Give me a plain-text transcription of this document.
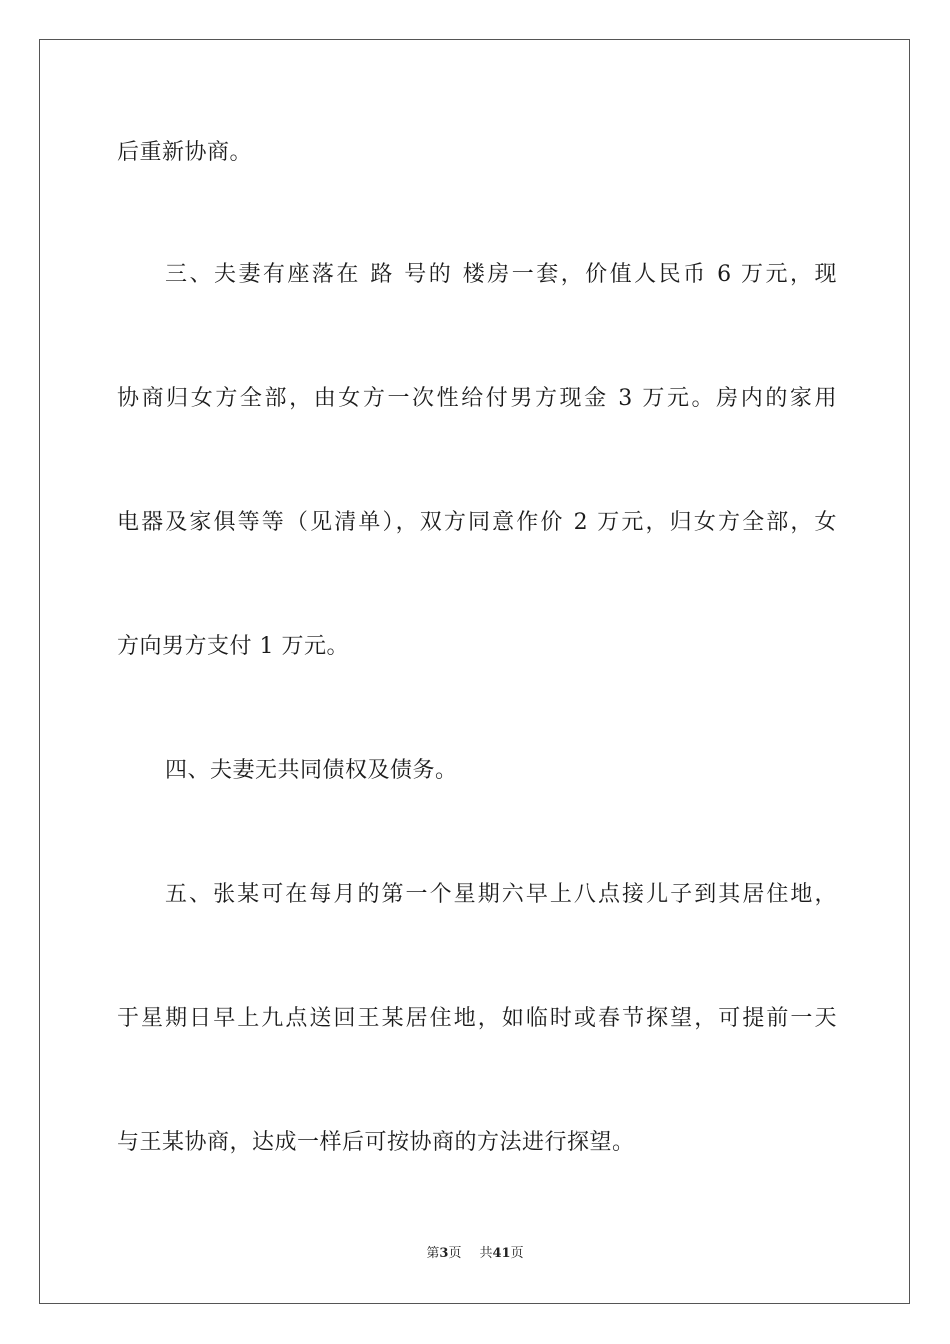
后重新协商。
三、夫妻有座落在 路 号的 楼房一套，价值人民币 6 万元，现
协商归女方全部，由女方一次性给付男方现金 3 万元。房内的家用
电器及家俱等等（见清单），双方同意作价 2 万元，归女方全部，女
方向男方支付 1 万元。
四、夫妻无共同债权及债务。
五、张某可在每月的第一个星期六早上八点接儿子到其居住地，
于星期日早上九点送回王某居住地，如临时或春节探望，可提前一天
与王某协商，达成一样后可按协商的方法进行探望。
第3页 共41页
